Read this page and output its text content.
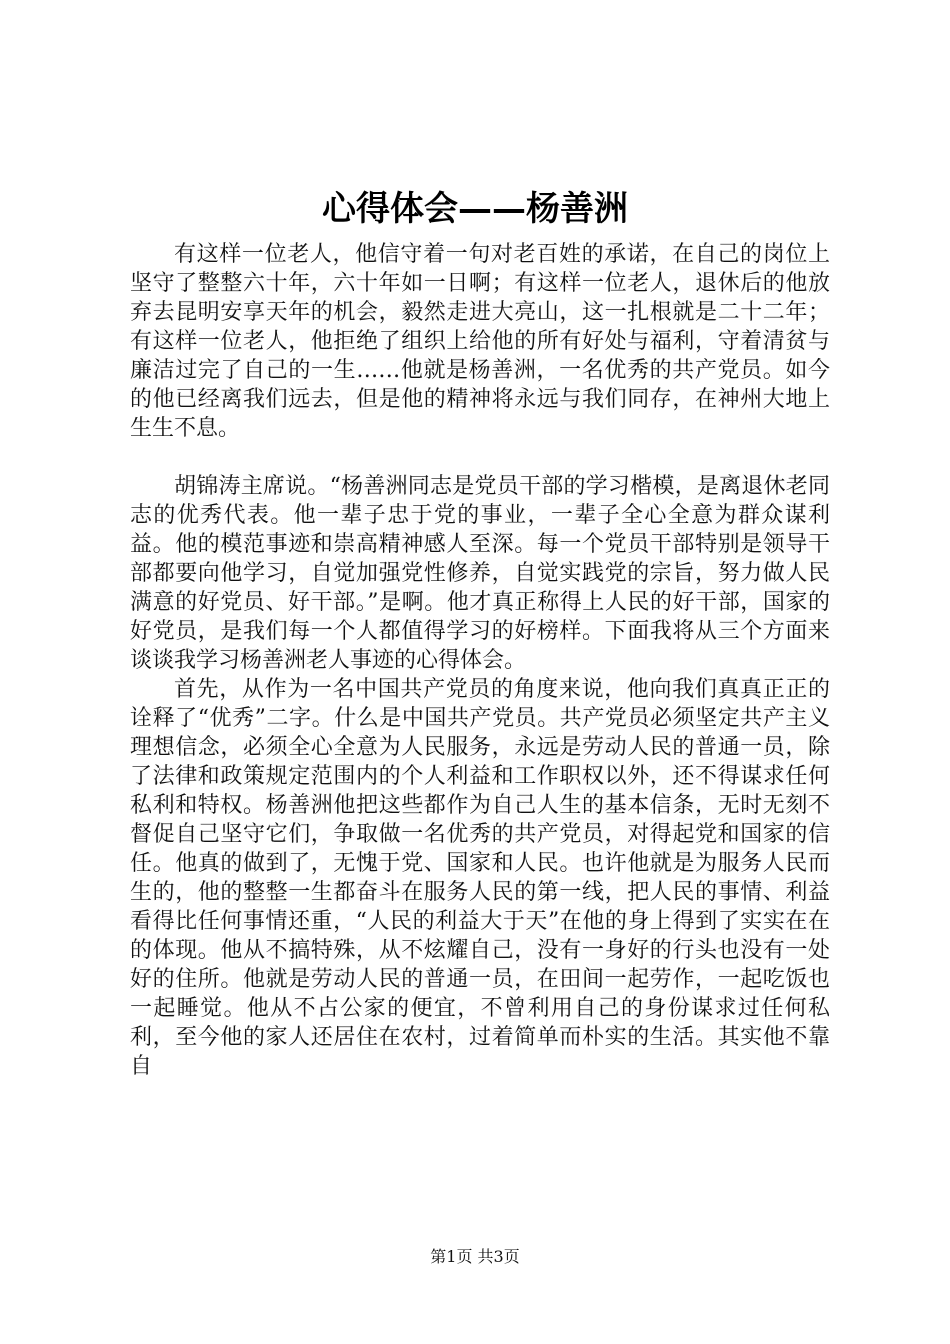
心得体会——杨善洲

有这样一位老人，他信守着一句对老百姓的承诺，在自己的岗位上坚守了整整六十年，六十年如一日啊；有这样一位老人，退休后的他放弃去昆明安享天年的机会，毅然走进大亮山，这一扎根就是二十二年；有这样一位老人，他拒绝了组织上给他的所有好处与福利，守着清贫与廉洁过完了自己的一生……他就是杨善洲，一名优秀的共产党员。如今的他已经离我们远去，但是他的精神将永远与我们同存，在神州大地上生生不息。

胡锦涛主席说。“杨善洲同志是党员干部的学习楷模，是离退休老同志的优秀代表。他一辈子忠于党的事业，一辈子全心全意为群众谋利益。他的模范事迹和崇高精神感人至深。每一个党员干部特别是领导干部都要向他学习，自觉加强党性修养，自觉实践党的宗旨，努力做人民满意的好党员、好干部。”是啊。他才真正称得上人民的好干部，国家的好党员，是我们每一个人都值得学习的好榜样。下面我将从三个方面来谈谈我学习杨善洲老人事迹的心得体会。

首先，从作为一名中国共产党员的角度来说，他向我们真真正正的诠释了“优秀”二字。什么是中国共产党员。共产党员必须坚定共产主义理想信念，必须全心全意为人民服务，永远是劳动人民的普通一员，除了法律和政策规定范围内的个人利益和工作职权以外，还不得谋求任何私利和特权。杨善洲他把这些都作为自己人生的基本信条，无时无刻不督促自己坚守它们，争取做一名优秀的共产党员，对得起党和国家的信任。他真的做到了，无愧于党、国家和人民。也许他就是为服务人民而生的，他的整整一生都奋斗在服务人民的第一线，把人民的事情、利益看得比任何事情还重，“人民的利益大于天”在他的身上得到了实实在在的体现。他从不搞特殊，从不炫耀自己，没有一身好的行头也没有一处好的住所。他就是劳动人民的普通一员，在田间一起劳作，一起吃饭也一起睡觉。他从不占公家的便宜，不曾利用自己的身份谋求过任何私利，至今他的家人还居住在农村，过着简单而朴实的生活。其实他不靠自

第1页 共3页
